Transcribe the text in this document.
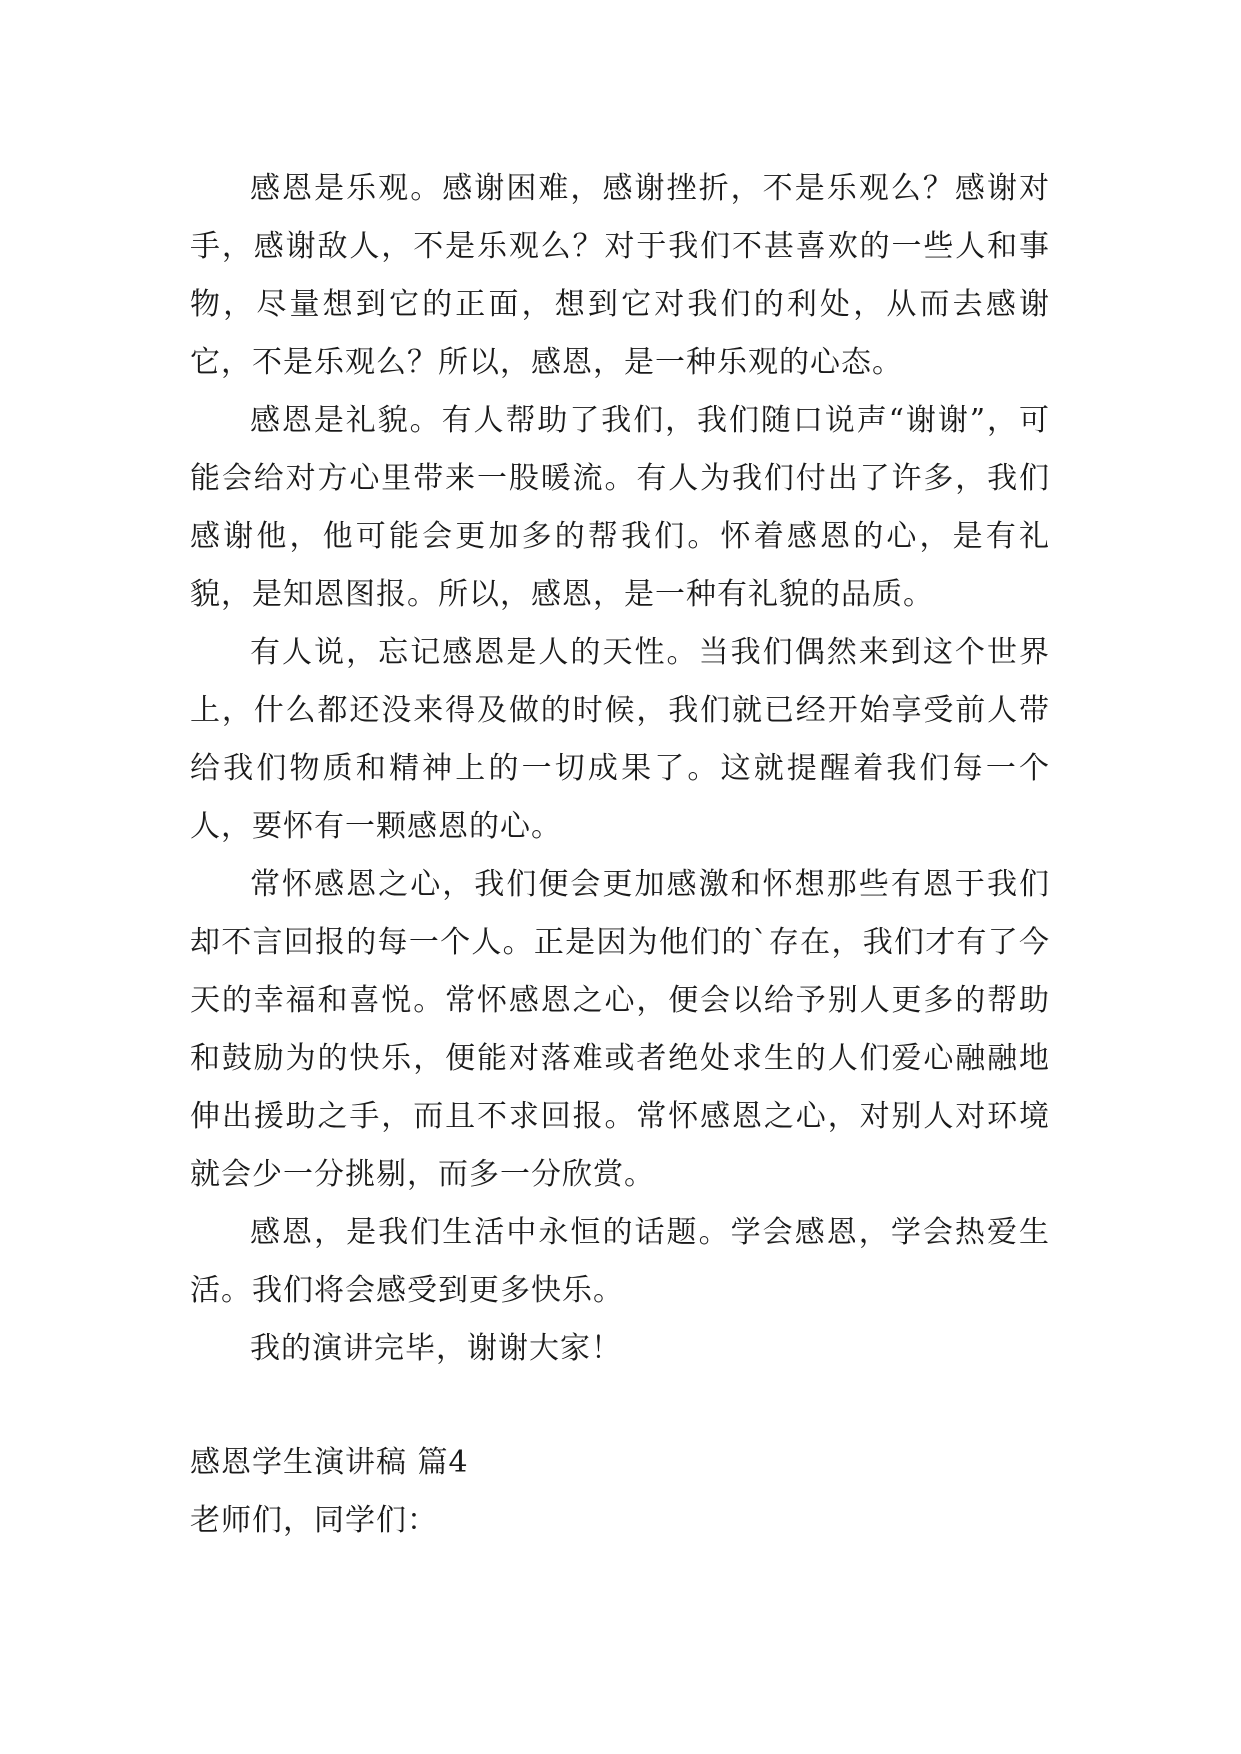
感恩是乐观。感谢困难，感谢挫折，不是乐观么？感谢对手，感谢敌人，不是乐观么？对于我们不甚喜欢的一些人和事物，尽量想到它的正面，想到它对我们的利处，从而去感谢它，不是乐观么？所以，感恩，是一种乐观的心态。

感恩是礼貌。有人帮助了我们，我们随口说声“谢谢”，可能会给对方心里带来一股暖流。有人为我们付出了许多，我们感谢他，他可能会更加多的帮我们。怀着感恩的心，是有礼貌，是知恩图报。所以，感恩，是一种有礼貌的品质。

有人说，忘记感恩是人的天性。当我们偶然来到这个世界上，什么都还没来得及做的时候，我们就已经开始享受前人带给我们物质和精神上的一切成果了。这就提醒着我们每一个人，要怀有一颗感恩的心。

常怀感恩之心，我们便会更加感激和怀想那些有恩于我们却不言回报的每一个人。正是因为他们的`存在，我们才有了今天的幸福和喜悦。常怀感恩之心，便会以给予别人更多的帮助和鼓励为的快乐，便能对落难或者绝处求生的人们爱心融融地伸出援助之手，而且不求回报。常怀感恩之心，对别人对环境就会少一分挑剔，而多一分欣赏。

感恩，是我们生活中永恒的话题。学会感恩，学会热爱生活。我们将会感受到更多快乐。

我的演讲完毕，谢谢大家！

感恩学生演讲稿 篇4

老师们，同学们：
